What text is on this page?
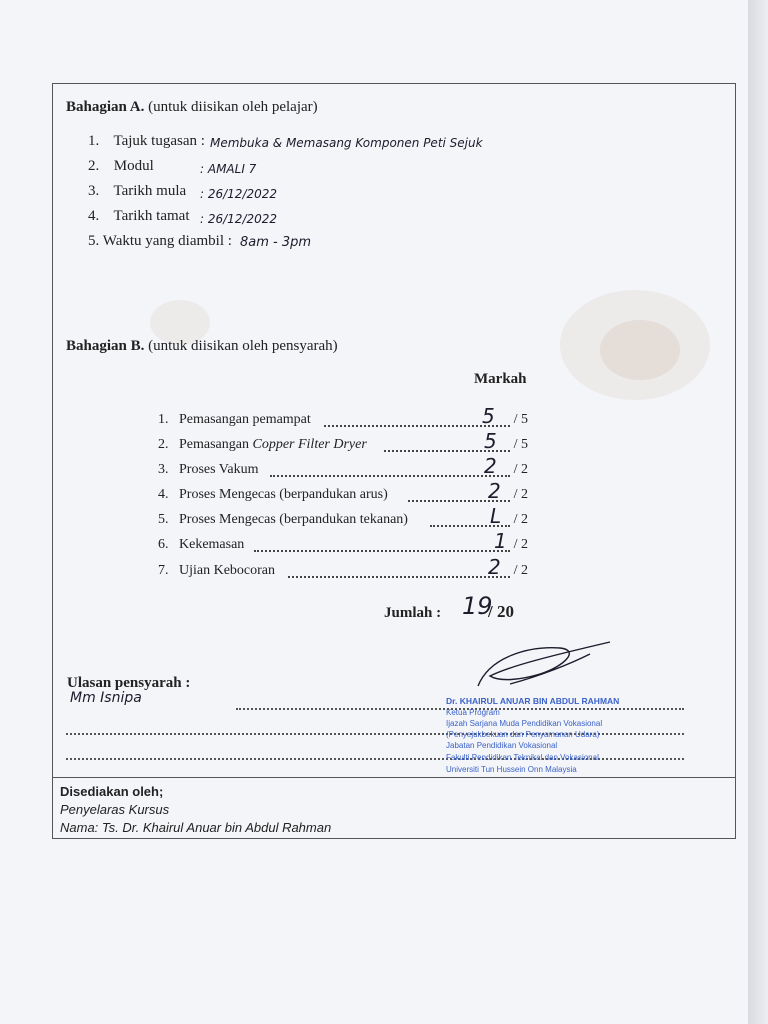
Bahagian A. (untuk diisikan oleh pelajar)
1. Tajuk tugasan : Membuka & Memasang Komponen Peti Sejuk
2. Modul	: AMALI 7
3. Tarikh mula : 26/12/2022
4. Tarikh tamat : 26/12/2022
5. Waktu yang diambil : 8am - 3pm
Bahagian B. (untuk diisikan oleh pensyarah)
Markah
1. Pemasangan pemampat	5 / 5
2. Pemasangan Copper Filter Dryer	5 / 5
3. Proses Vakum	2 / 2
4. Proses Mengecas (berpandukan arus)	2 / 2
5. Proses Mengecas (berpandukan tekanan)	L / 2
6. Kekemasan	1 / 2
7. Ujian Kebocoran	2 / 2
Jumlah : 19
/ 20
Ulasan pensyarah :
Mm Isnipa	Dr. KHAIRUL ANUAR BIN ABDUL RAHMAN
Ketua Program
Ijazah Sarjana Muda Pendidikan Vokasional
(Penyejukbekuan dan Penyamanan Udara)
Jabatan Pendidikan Vokasional
Fakulti Pendidikan Teknikal dan Vokasional
Universiti Tun Hussein Onn Malaysia
Disediakan oleh;
Penyelaras Kursus
Nama: Ts. Dr. Khairul Anuar bin Abdul Rahman
